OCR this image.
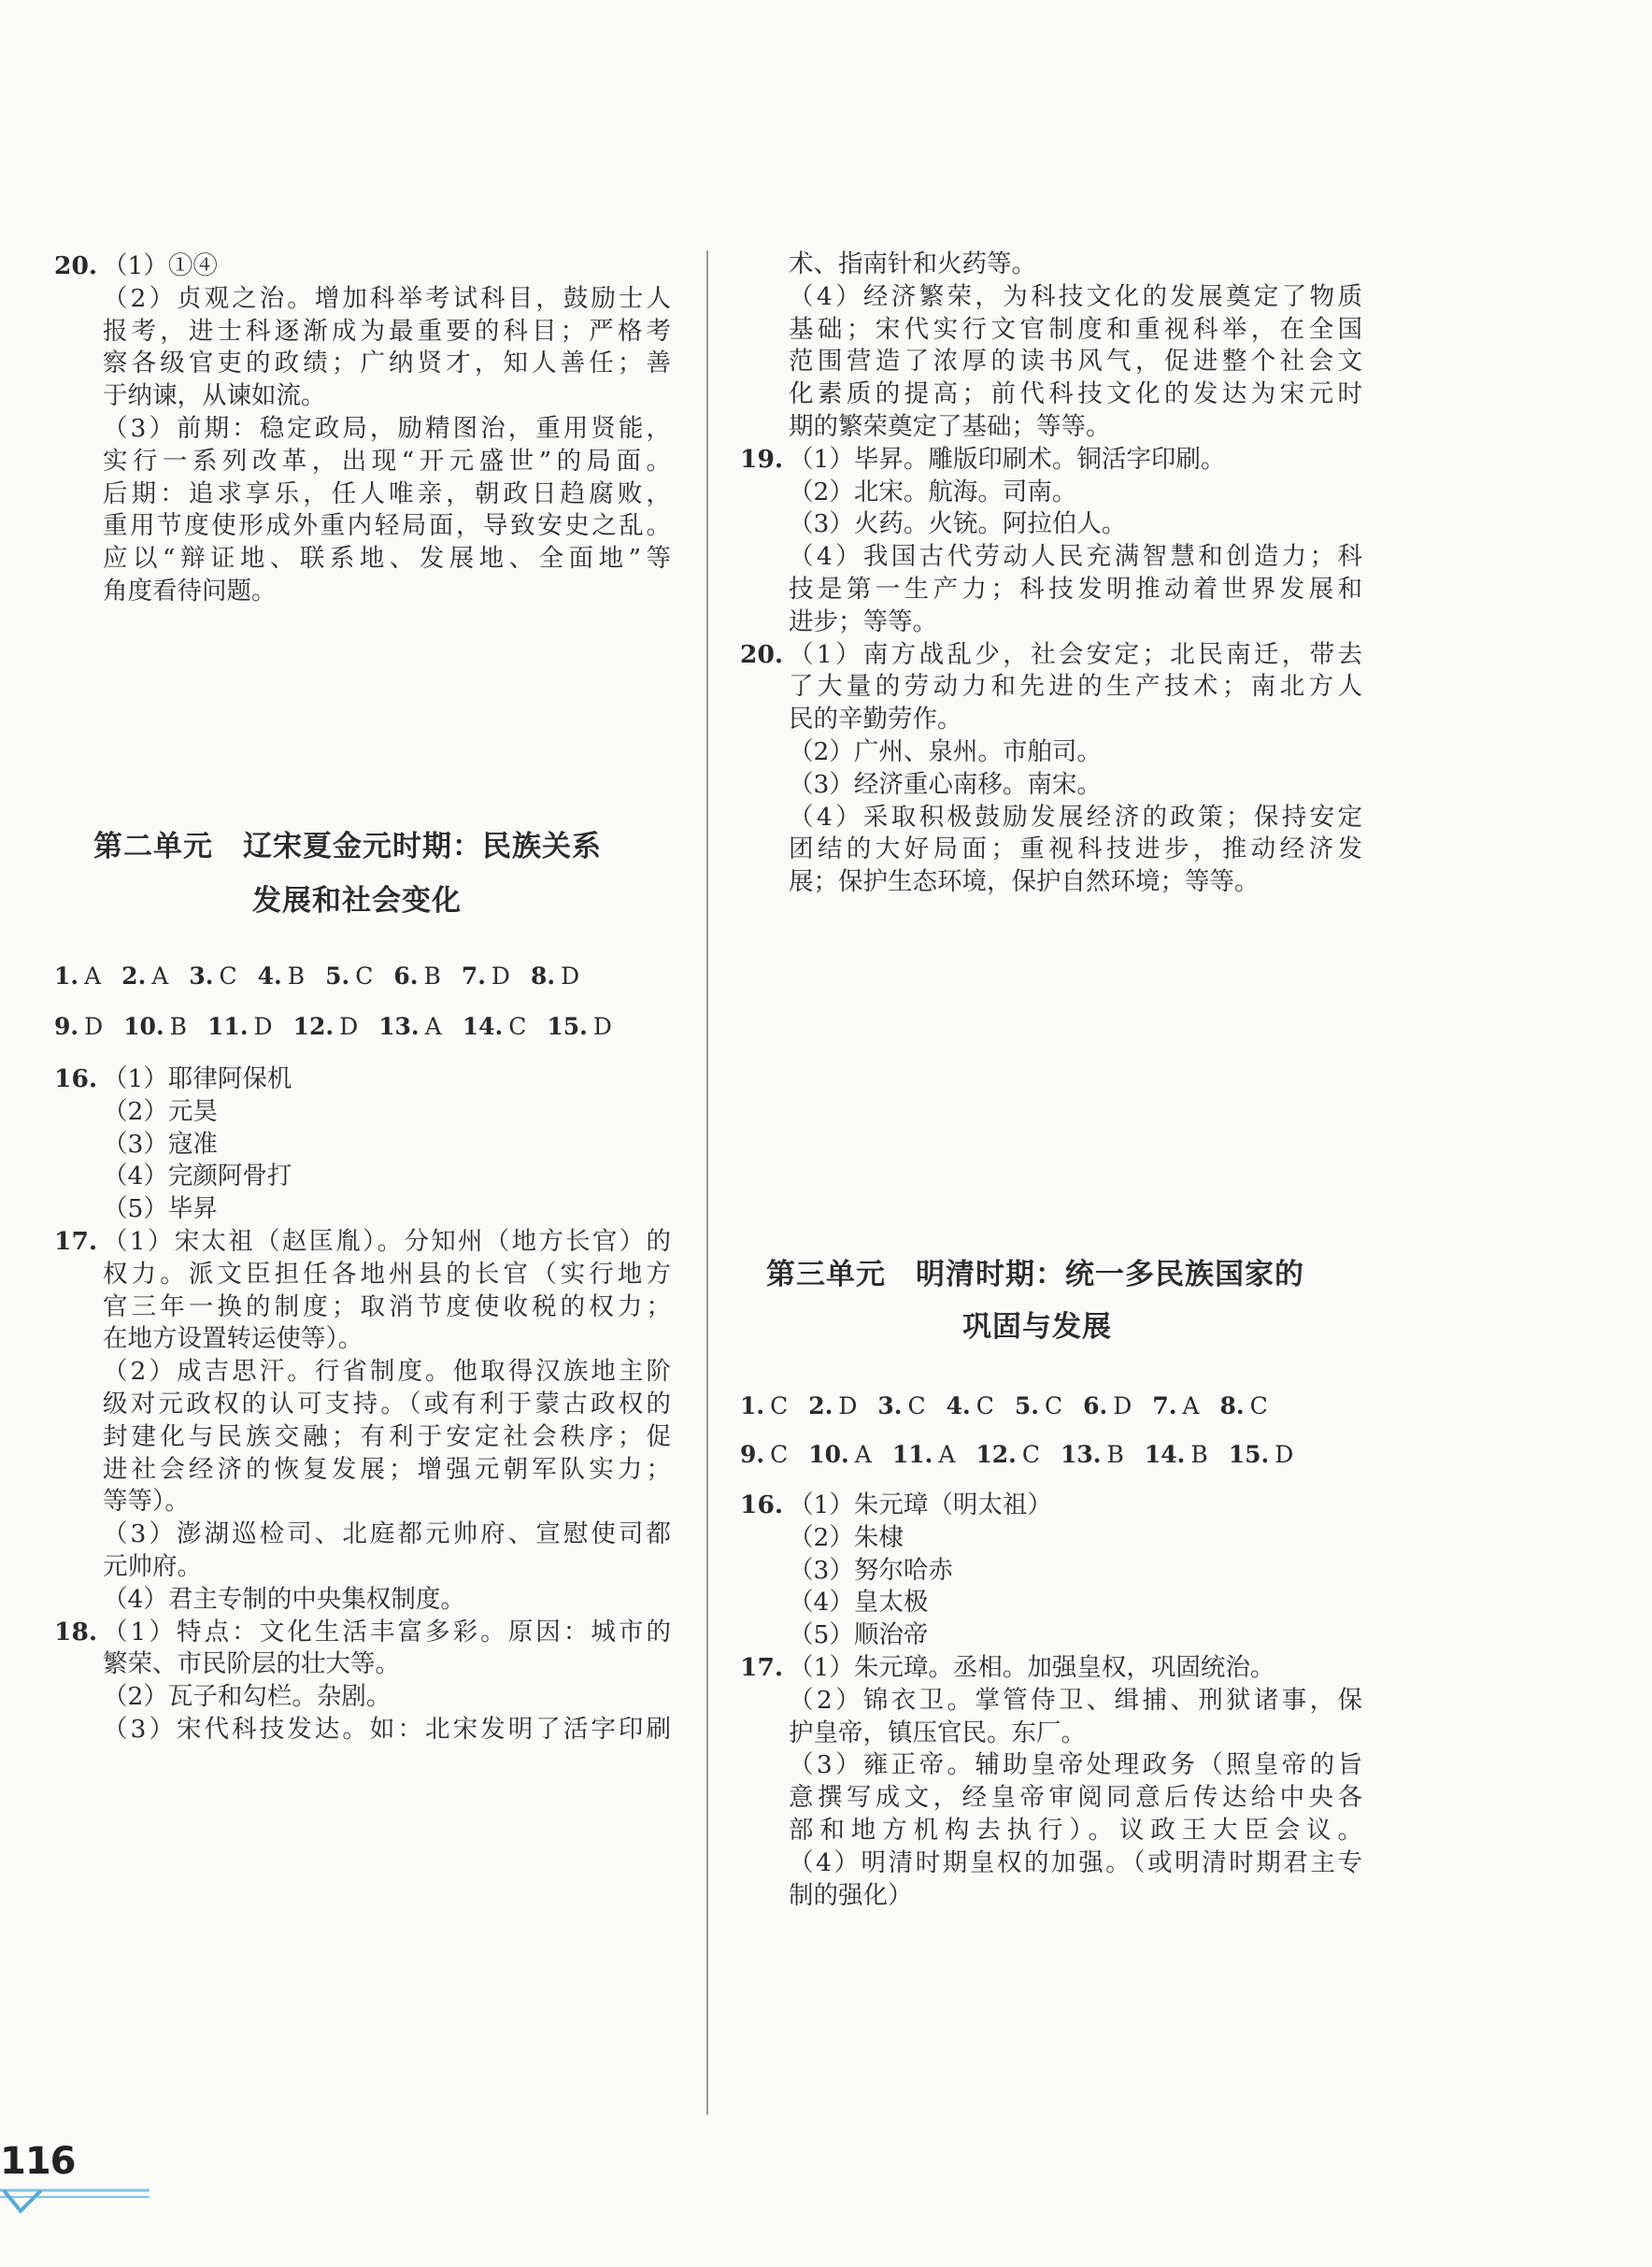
20. （1）①④
（2）贞观之治。增加科举考试科目，鼓励士人
报考，进士科逐渐成为最重要的科目；严格考
察各级官吏的政绩；广纳贤才，知人善任；善
于纳谏，从谏如流。
（3）前期：稳定政局，励精图治，重用贤能，
实行一系列改革，出现“开元盛世”的局面。
后期：追求享乐，任人唯亲，朝政日趋腐败，
重用节度使形成外重内轻局面，导致安史之乱。
应以“辩证地、联系地、发展地、全面地”等
角度看待问题。
第二单元　辽宋夏金元时期：民族关系
发展和社会变化
1. A 2. A 3. C 4. B 5. C 6. B 7. D 8. D
9. D 10. B 11. D 12. D 13. A 14. C 15. D
16. （1）耶律阿保机
（2）元昊
（3）寇准
（4）完颜阿骨打
（5）毕昇
17. （1）宋太祖（赵匡胤）。分知州（地方长官）的
权力。派文臣担任各地州县的长官（实行地方
官三年一换的制度；取消节度使收税的权力；
在地方设置转运使等）。
（2）成吉思汗。行省制度。他取得汉族地主阶
级对元政权的认可支持。（或有利于蒙古政权的
封建化与民族交融；有利于安定社会秩序；促
进社会经济的恢复发展；增强元朝军队实力；
等等）。
（3）澎湖巡检司、北庭都元帅府、宣慰使司都
元帅府。
（4）君主专制的中央集权制度。
18. （1）特点：文化生活丰富多彩。原因：城市的
繁荣、市民阶层的壮大等。
（2）瓦子和勾栏。杂剧。
（3）宋代科技发达。如：北宋发明了活字印刷
术、指南针和火药等。
（4）经济繁荣，为科技文化的发展奠定了物质
基础；宋代实行文官制度和重视科举，在全国
范围营造了浓厚的读书风气，促进整个社会文
化素质的提高；前代科技文化的发达为宋元时
期的繁荣奠定了基础；等等。
19. （1）毕昇。雕版印刷术。铜活字印刷。
（2）北宋。航海。司南。
（3）火药。火铳。阿拉伯人。
（4）我国古代劳动人民充满智慧和创造力；科
技是第一生产力；科技发明推动着世界发展和
进步；等等。
20. （1）南方战乱少，社会安定；北民南迁，带去
了大量的劳动力和先进的生产技术；南北方人
民的辛勤劳作。
（2）广州、泉州。市舶司。
（3）经济重心南移。南宋。
（4）采取积极鼓励发展经济的政策；保持安定
团结的大好局面；重视科技进步，推动经济发
展；保护生态环境，保护自然环境；等等。
第三单元　明清时期：统一多民族国家的
巩固与发展
1. C 2. D 3. C 4. C 5. C 6. D 7. A 8. C
9. C 10. A 11. A 12. C 13. B 14. B 15. D
16. （1）朱元璋（明太祖）
（2）朱棣
（3）努尔哈赤
（4）皇太极
（5）顺治帝
17. （1）朱元璋。丞相。加强皇权，巩固统治。
（2）锦衣卫。掌管侍卫、缉捕、刑狱诸事，保
护皇帝，镇压官民。东厂。
（3）雍正帝。辅助皇帝处理政务（照皇帝的旨
意撰写成文，经皇帝审阅同意后传达给中央各
部和地方机构去执行）。议政王大臣会议。
（4）明清时期皇权的加强。（或明清时期君主专
制的强化）
116
